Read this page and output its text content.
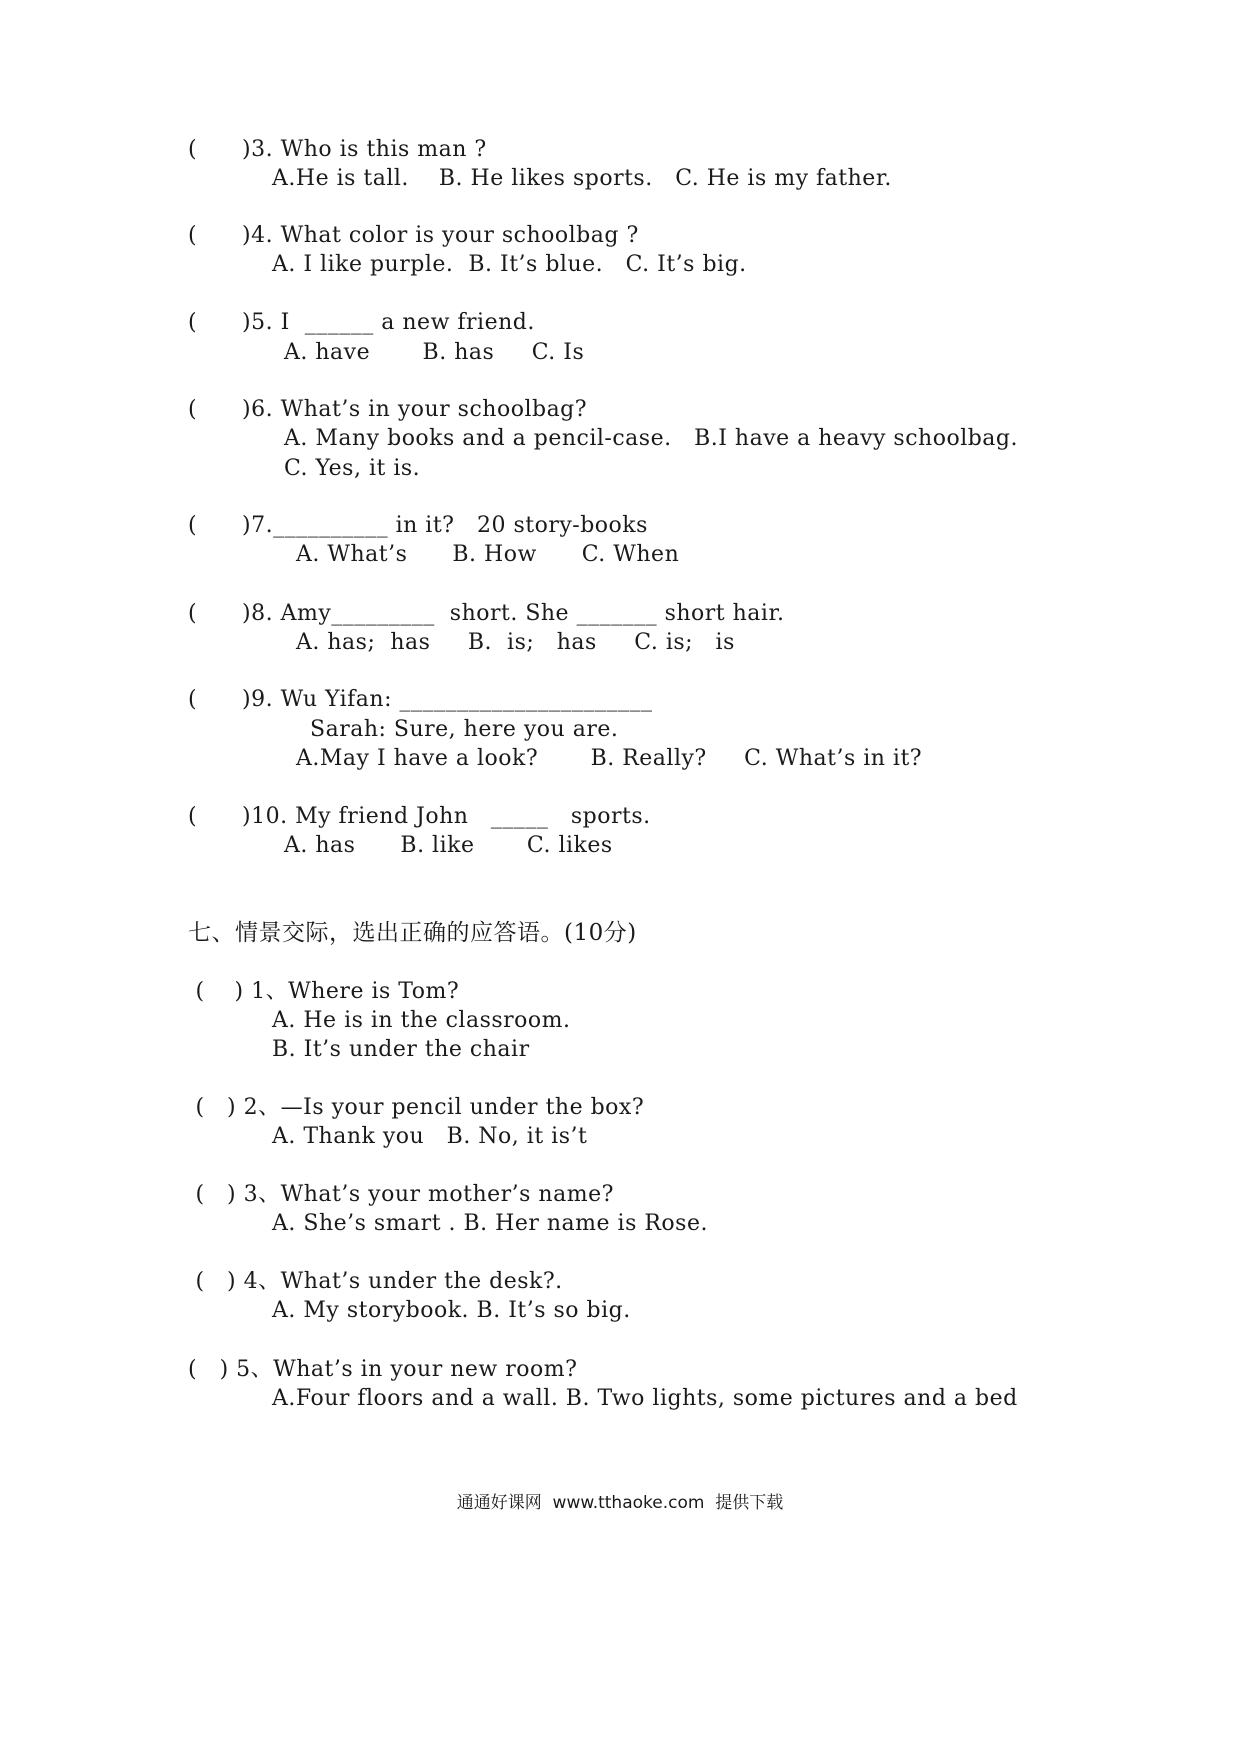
(      )3. Who is this man ?
A.He is tall.    B. He likes sports.   C. He is my father.
(      )4. What color is your schoolbag ?
A. I like purple.  B. It’s blue.   C. It’s big.
(      )5. I  ______ a new friend.
A. have       B. has     C. Is
(      )6. What’s in your schoolbag?
A. Many books and a pencil-case.   B.I have a heavy schoolbag.
C. Yes, it is.
(      )7.__________ in it?   20 story-books
A. What’s      B. How      C. When
(      )8. Amy_________  short. She _______ short hair.
A. has;  has     B.  is;   has     C. is;   is
(      )9. Wu Yifan: ______________________
Sarah: Sure, here you are.
A.May I have a look?       B. Really?     C. What’s in it?
(      )10. My friend John   _____   sports.
A. has      B. like       C. likes
七、情景交际，选出正确的应答语。(10分)
(    ) 1、Where is Tom?
A. He is in the classroom.
B. It’s under the chair
(   ) 2、—Is your pencil under the box?
A. Thank you   B. No, it is’t
(   ) 3、What’s your mother’s name?
A. She’s smart . B. Her name is Rose.
(   ) 4、What’s under the desk?.
A. My storybook. B. It’s so big.
(   ) 5、What’s in your new room?
A.Four floors and a wall. B. Two lights, some pictures and a bed
通通好课网  www.tthaoke.com  提供下载
